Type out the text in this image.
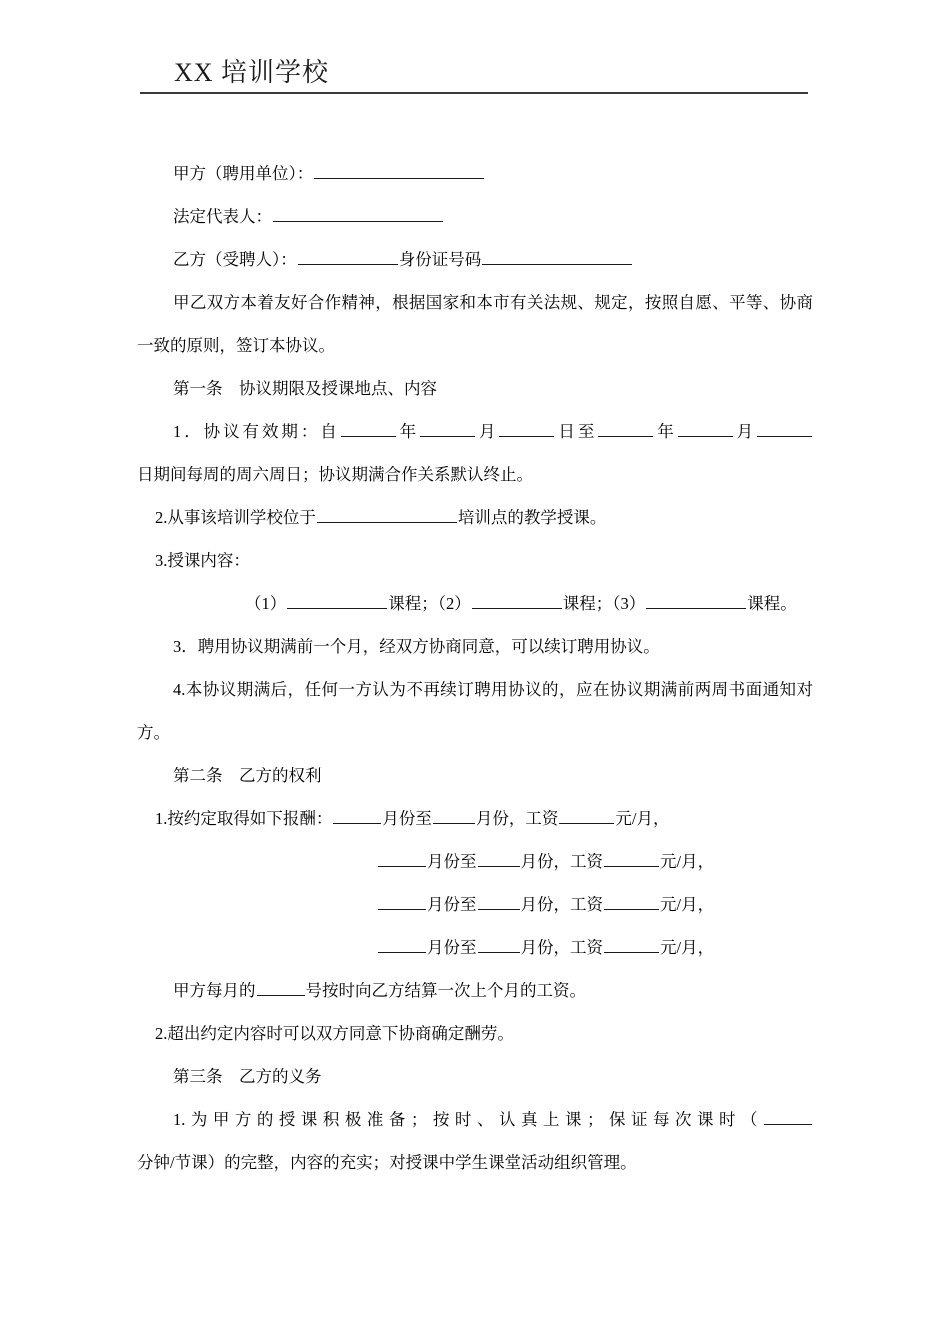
XX 培训学校

甲方（聘用单位）：

法定代表人：

乙方（受聘人）：	身份证号码

甲乙双方本着友好合作精神，根据国家和本市有关法规、规定，按照自愿、平等、协商一致的原则，签订本协议。

第一条　协议期限及授课地点、内容

1．协议有效期：自	年	月	日至	年	月日期间每周的周六周日；协议期满合作关系默认终止。

2.从事该培训学校位于	培训点的教学授课。

3.授课内容：

（1）	课程；（2）	课程；（3）	课程。

3．聘用协议期满前一个月，经双方协商同意，可以续订聘用协议。

4.本协议期满后，任何一方认为不再续订聘用协议的，应在协议期满前两周书面通知对方。

第二条　乙方的权利

1.按约定取得如下报酬：	月份至	月份，工资	元/月，

月份至	月份，工资	元/月，

月份至	月份，工资	元/月，

月份至	月份，工资	元/月，

甲方每月的	号按时向乙方结算一次上个月的工资。

2.超出约定内容时可以双方同意下协商确定酬劳。

第三条　乙方的义务

1.为甲方的授课积极准备；按时、认真上课；保证每次课时（分钟/节课）的完整，内容的充实；对授课中学生课堂活动组织管理。
